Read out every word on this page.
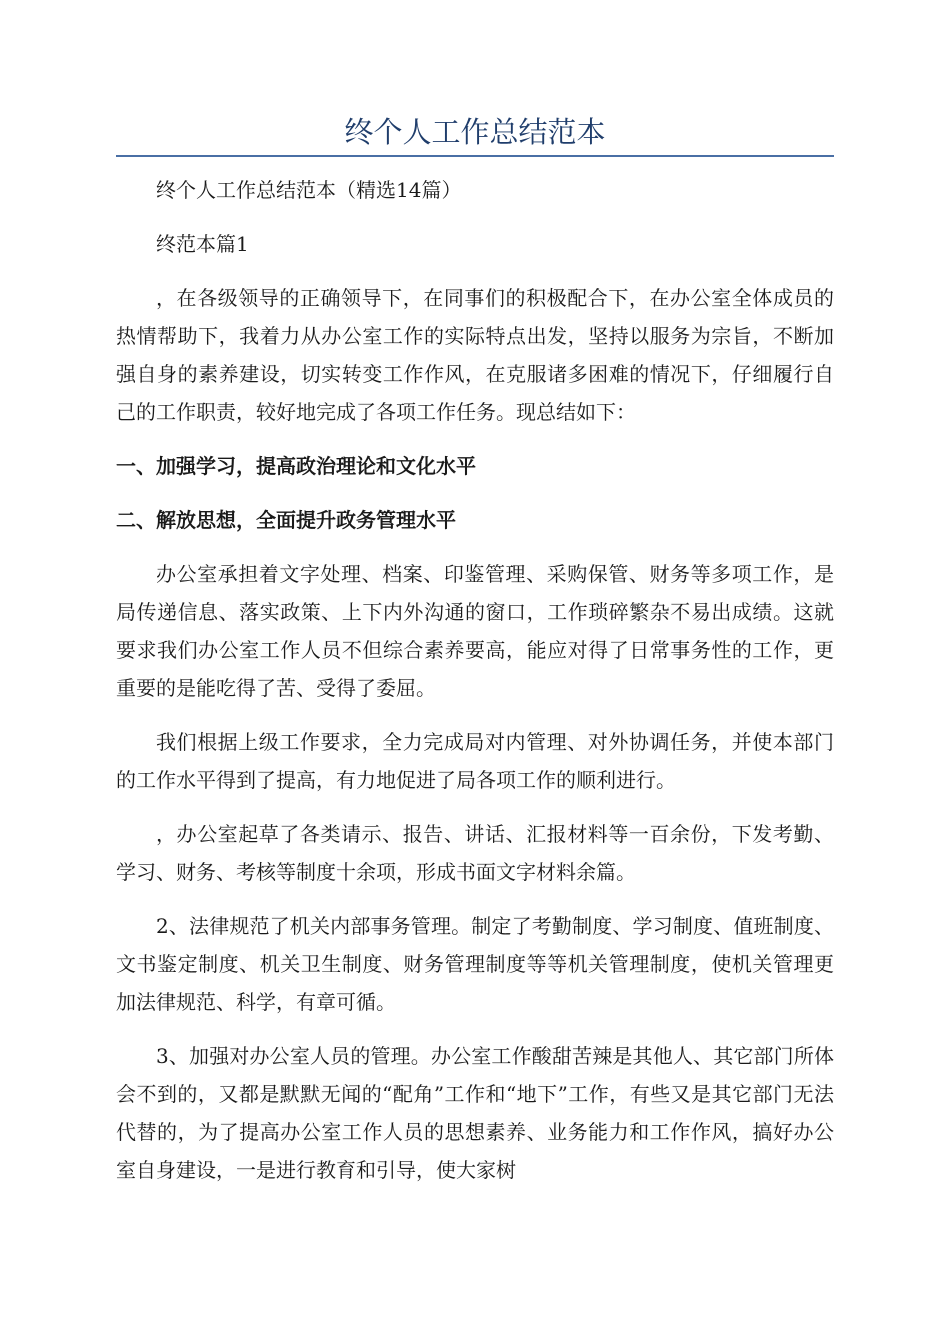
终个人工作总结范本

终个人工作总结范本（精选14篇）

终范本篇1

，在各级领导的正确领导下，在同事们的积极配合下，在办公室全体成员的热情帮助下，我着力从办公室工作的实际特点出发，坚持以服务为宗旨，不断加强自身的素养建设，切实转变工作作风，在克服诸多困难的情况下，仔细履行自己的工作职责，较好地完成了各项工作任务。现总结如下：

一、加强学习，提高政治理论和文化水平

二、解放思想，全面提升政务管理水平

办公室承担着文字处理、档案、印鉴管理、采购保管、财务等多项工作，是局传递信息、落实政策、上下内外沟通的窗口，工作琐碎繁杂不易出成绩。这就要求我们办公室工作人员不但综合素养要高，能应对得了日常事务性的工作，更重要的是能吃得了苦、受得了委屈。

我们根据上级工作要求，全力完成局对内管理、对外协调任务，并使本部门的工作水平得到了提高，有力地促进了局各项工作的顺利进行。

，办公室起草了各类请示、报告、讲话、汇报材料等一百余份，下发考勤、学习、财务、考核等制度十余项，形成书面文字材料余篇。

2、法律规范了机关内部事务管理。制定了考勤制度、学习制度、值班制度、文书鉴定制度、机关卫生制度、财务管理制度等等机关管理制度，使机关管理更加法律规范、科学，有章可循。

3、加强对办公室人员的管理。办公室工作酸甜苦辣是其他人、其它部门所体会不到的，又都是默默无闻的“配角”工作和“地下”工作，有些又是其它部门无法代替的，为了提高办公室工作人员的思想素养、业务能力和工作作风，搞好办公室自身建设，一是进行教育和引导，使大家树
